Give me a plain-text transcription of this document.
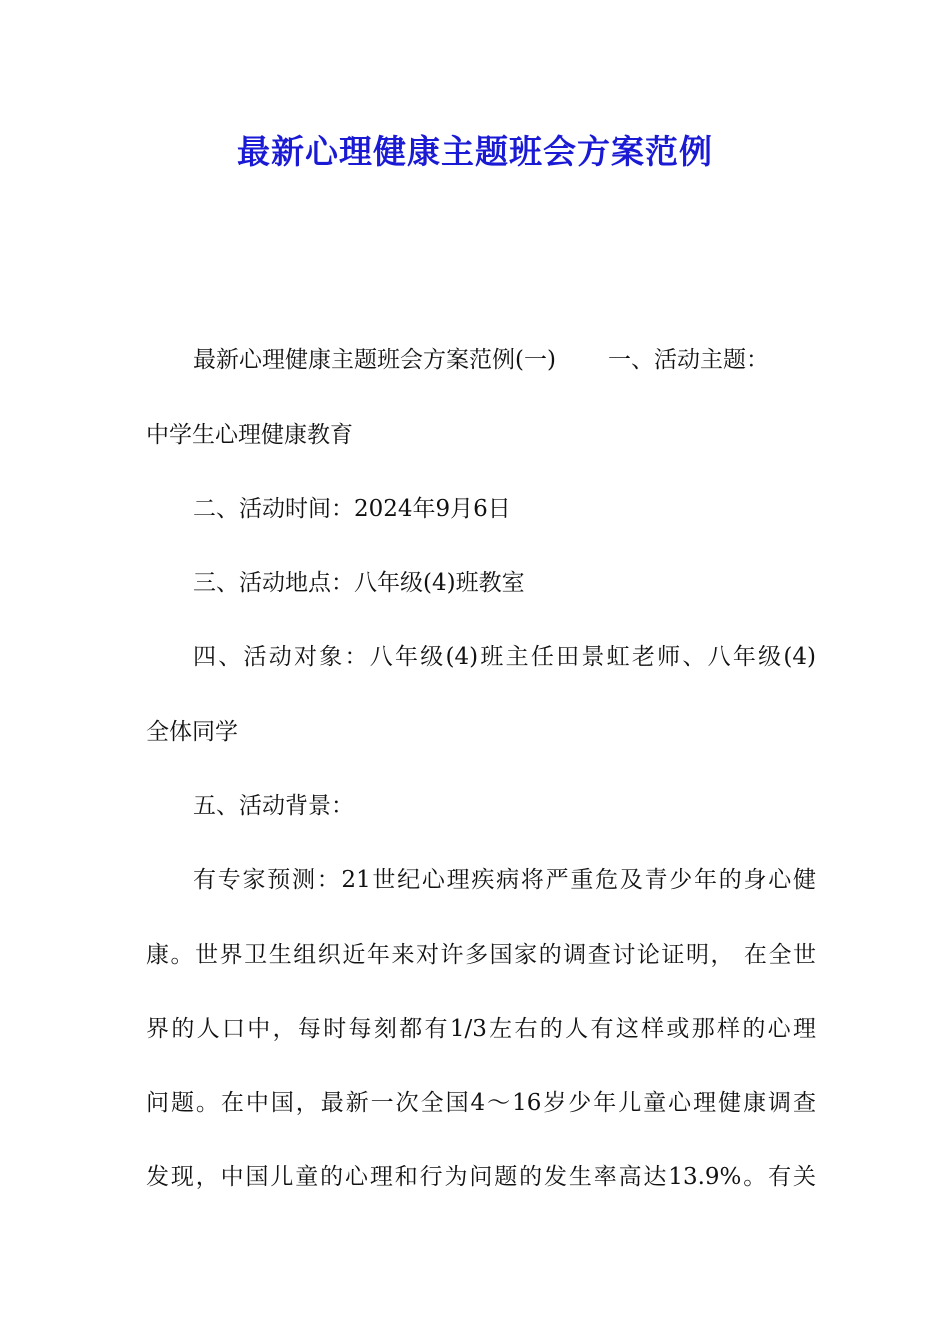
最新心理健康主题班会方案范例
最新心理健康主题班会方案范例(一) 一、活动主题：
中学生心理健康教育
二、活动时间：2024年9月6日
三、活动地点：八年级(4)班教室
四、活动对象：八年级(4)班主任田景虹老师、八年级(4)
全体同学
五、活动背景：
有专家预测：21世纪心理疾病将严重危及青少年的身心健
康。世界卫生组织近年来对许多国家的调查讨论证明， 在全世
界的人口中，每时每刻都有1/3左右的人有这样或那样的心理
问题。在中国，最新一次全国4～16岁少年儿童心理健康调查
发现，中国儿童的心理和行为问题的发生率高达13.9%。有关
